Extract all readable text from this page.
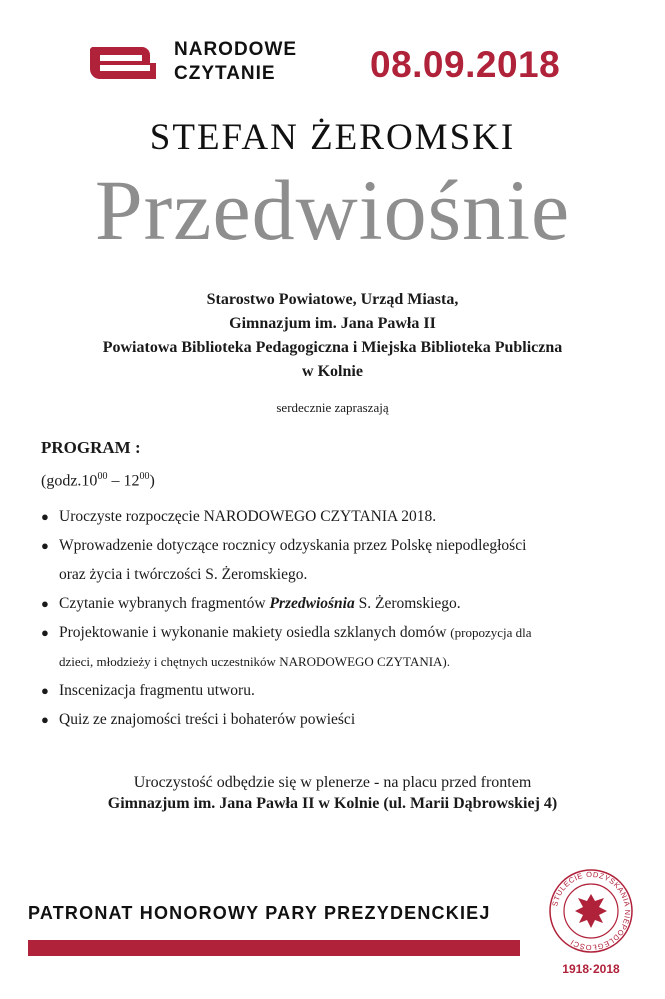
NARODOWE
CZYTANIE	08.09.2018
STEFAN ŻEROMSKI
Przedwiośnie
Starostwo Powiatowe, Urząd Miasta,
Gimnazjum im. Jana Pawła II
Powiatowa Biblioteka Pedagogiczna i Miejska Biblioteka Publiczna
w Kolnie
serdecznie zapraszają
PROGRAM :
$(godz.10^{00} - 12^{00})$
● Uroczyste rozpoczęcie NARODOWEGO CZYTANIA 2018.
● Wprowadzenie dotyczące rocznicy odzyskania przez Polskę niepodległości
oraz życia i twórczości S. Żeromskiego.
● Czytanie wybranych fragmentów Przedwiośnia S. Żeromskiego.
● Projektowanie i wykonanie makiety osiedla szklanych domów (propozycja dla
dzieci, młodzieży i chętnych uczestników NARODOWEGO CZYTANIA).
● Inscenizacja fragmentu utworu.
● Quiz ze znajomości treści i bohaterów powieści
Uroczystość odbędzie się w plenerze - na placu przed frontem
Gimnazjum im. Jana Pawła II w Kolnie (ul. Marii Dąbrowskiej 4)
PATRONAT HONOROWY PARY PREZYDENCKIEJ	STULECIE ODZYSKANIA NIEPODLEGŁOŚCI
1918·2018
